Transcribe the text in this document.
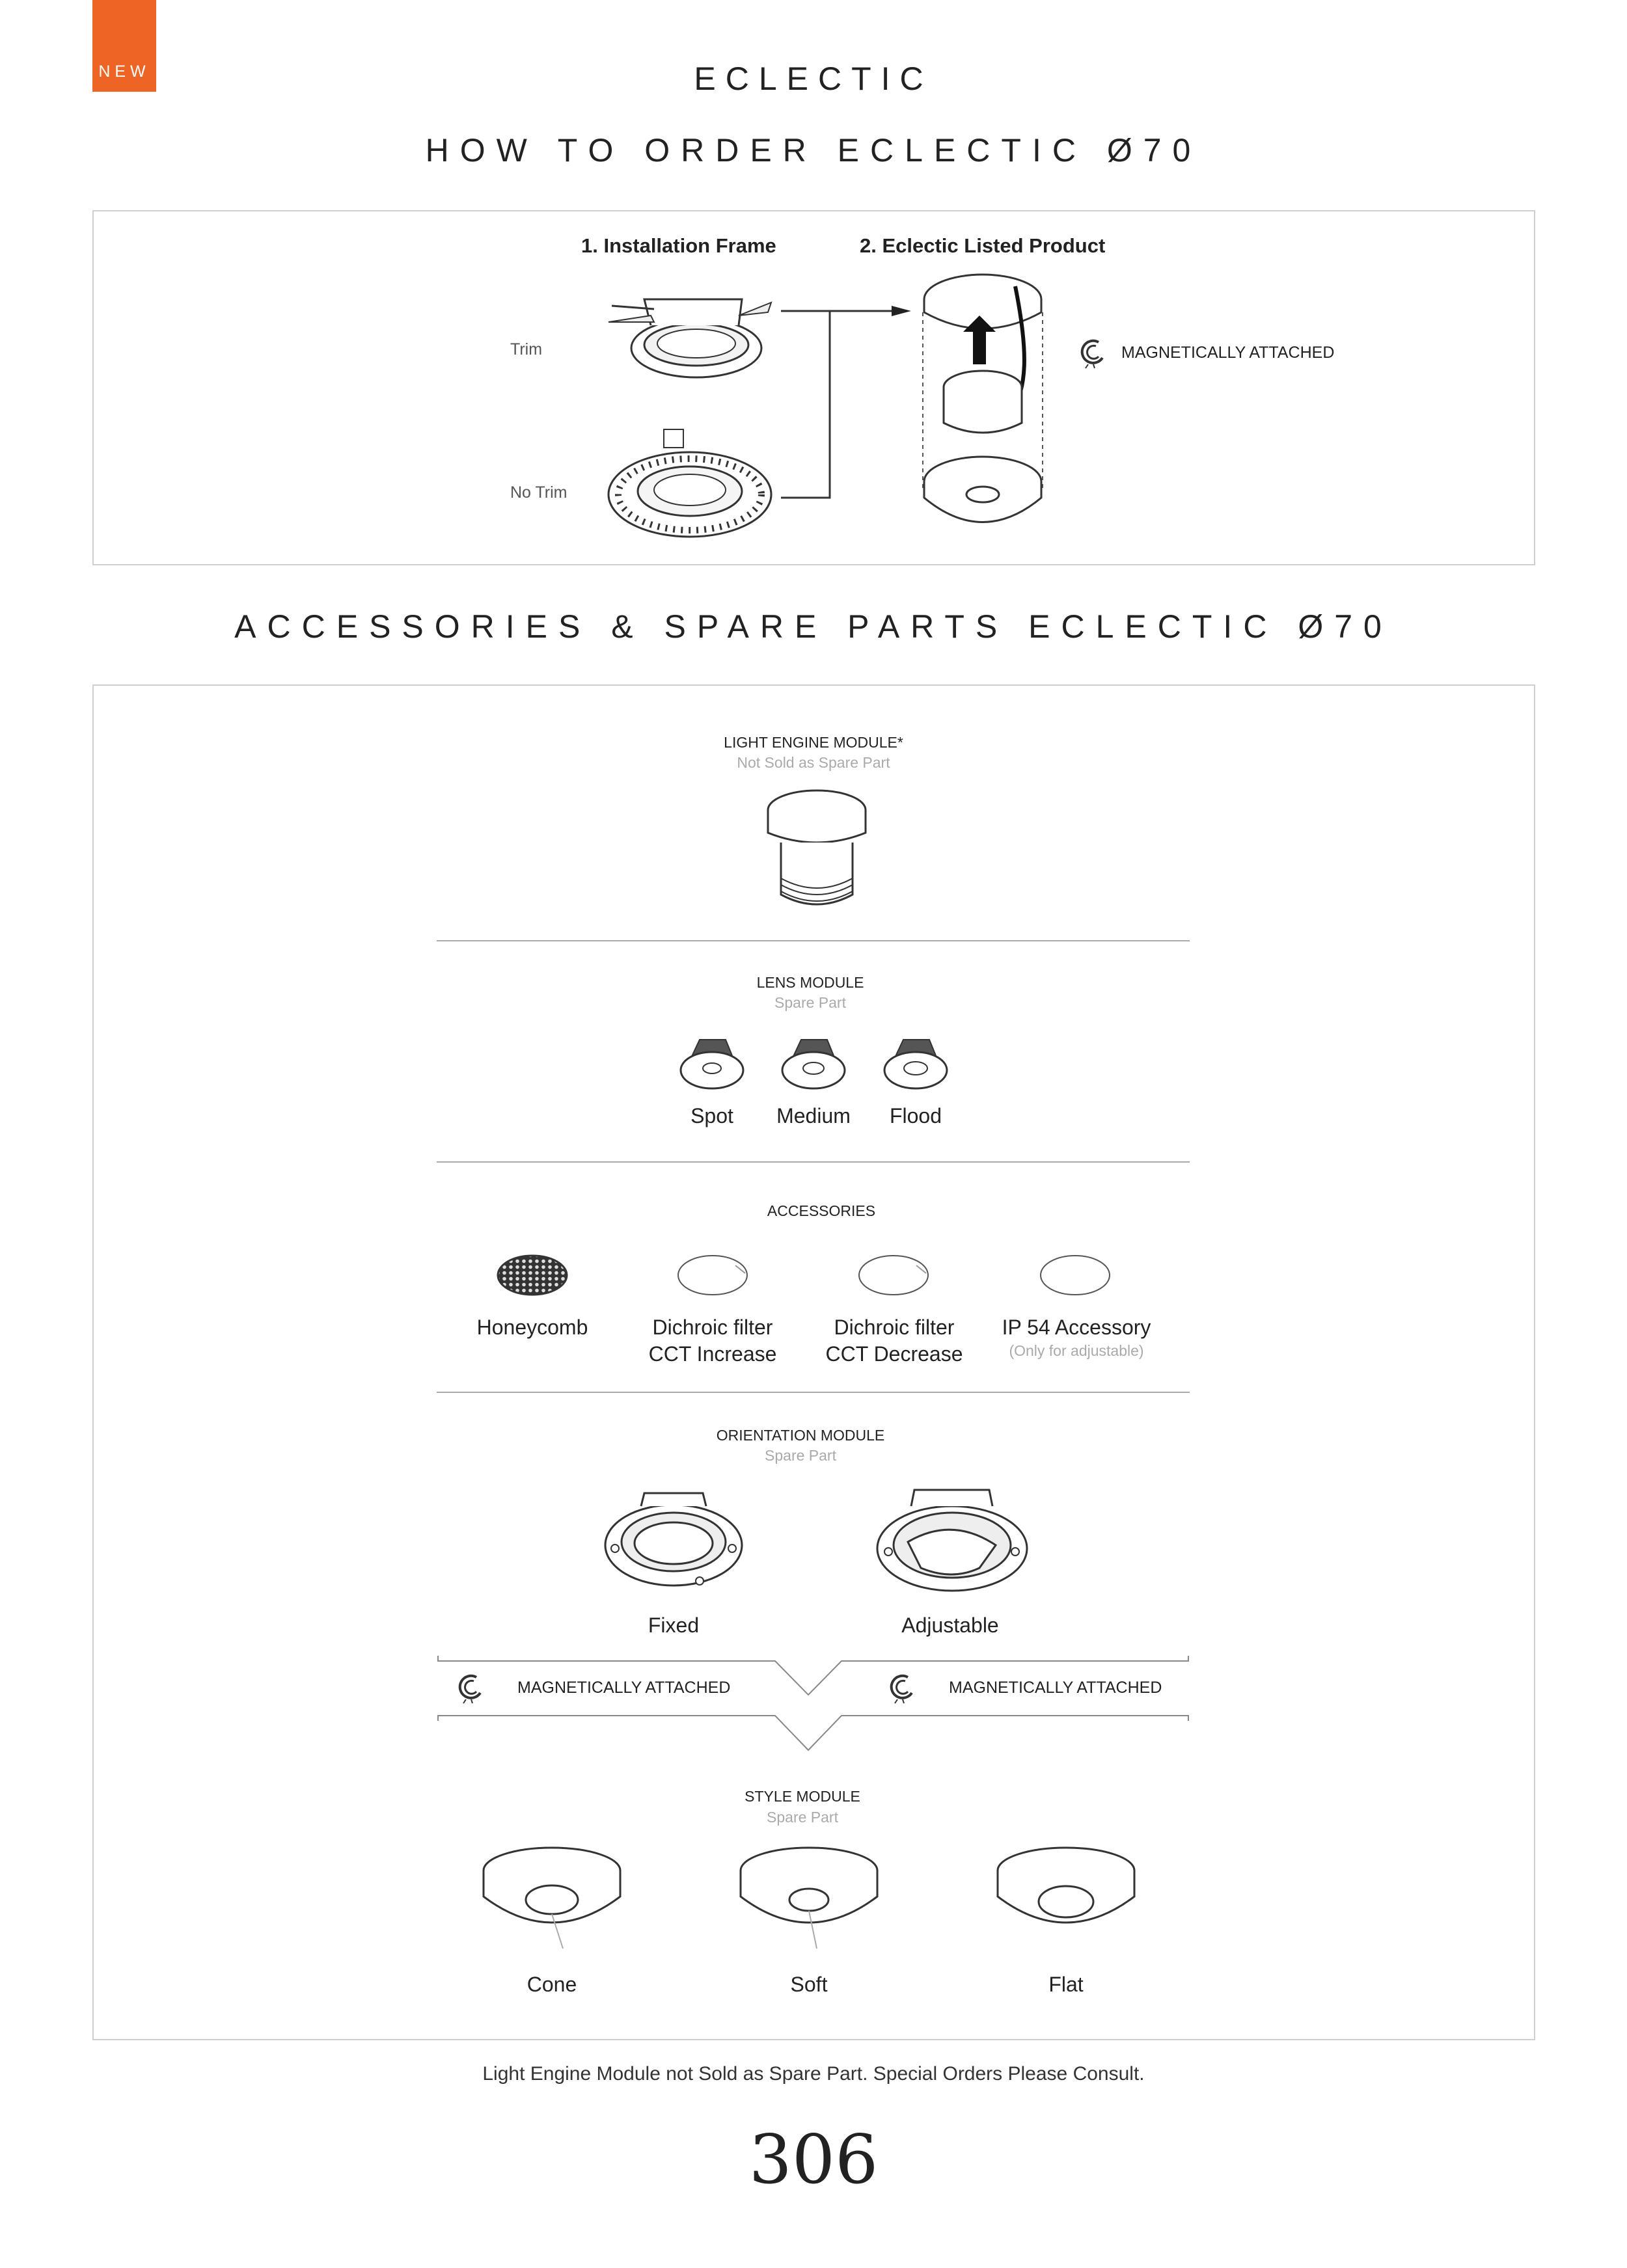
NEW	ECLECTIC
HOW TO ORDER ECLECTIC Ø70
1. Installation Frame	2. Eclectic Listed Product
Trim
No Trim
MAGNETICALLY ATTACHED
ACCESSORIES & SPARE PARTS ECLECTIC Ø70
LIGHT ENGINE MODULE*
Not Sold as Spare Part
LENS MODULE
Spare Part
Spot	Medium	Flood
ACCESSORIES
Honeycomb	Dichroic filter
CCT Increase
Dichroic filter
CCT Decrease
IP 54 Accessory
(Only for adjustable)
ORIENTATION MODULE
Spare Part
Fixed	Adjustable
MAGNETICALLY ATTACHED	MAGNETICALLY ATTACHED
STYLE MODULE
Spare Part
Cone	Soft	Flat
Light Engine Module not Sold as Spare Part. Special Orders Please Consult.
306
